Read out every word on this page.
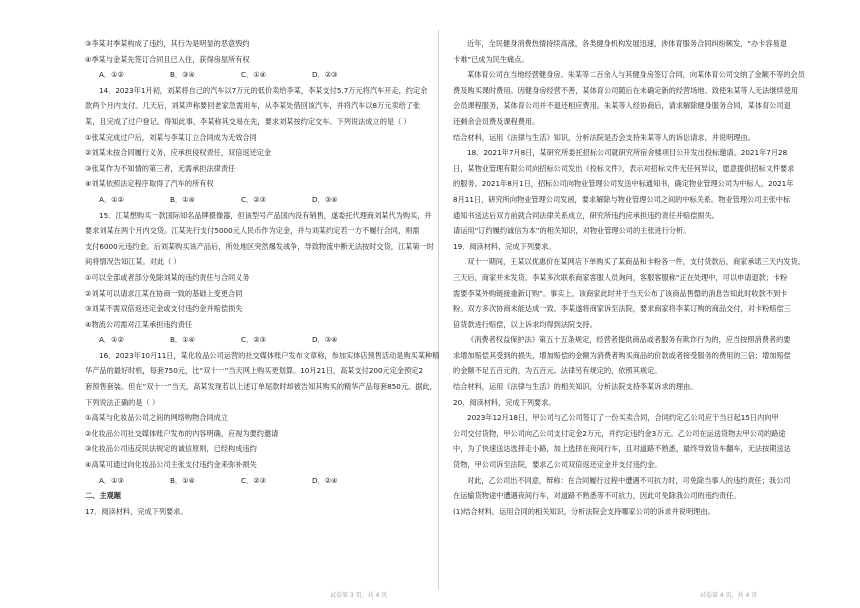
③李某对季某构成了违约，其行为是明显的恶意毁约
④季某与金某先签订合同且已入住，获得房屋所有权
A．①②	B．③④	C．①④	D．②③
14．2023年1月初，刘某将自己的汽车以7万元的低价卖给李某，李某支付5.7万元将汽车开走，约定余
款两个月内支付。几天后，刘某声称要回老家急需用车，从李某处借回该汽车，并将汽车以8万元卖给了张
某，且完成了过户登记。得知此事，李某称其交易在先，要求刘某按约定交车。下列说法成立的是（ ）
①张某完成过户后，刘某与李某订立合同成为无效合同
②刘某未按合同履行义务，应承担侵权责任，双倍返还定金
③张某作为不知情的第三者，无需承担法律责任
④刘某依照法定程序取得了汽车的所有权
A．①②	B．①④	C．②③	D．③④
15．江某想购买一款国际知名品牌摄像器，但该型号产品国内没有销售，遂委托代理商刘某代为购买，并
要求刘某在两个月内交货。江某先行支付5000元人民币作为定金，并与刘某约定若一方不履行合同，则需
支付6000元违约金。后刘某购买该产品后，所处地区突然爆发战争，导致物流中断无法按时交货，江某第一时
间将情况告知江某。对此（ ）
①可以全部或者部分免除刘某的违约责任与合同义务
②刘某可以请求江某在协商一致的基础上变更合同
③刘某不需双倍返还定金或支付违约金并赔偿损失
④物流公司需对江某承担违约责任
A．①②	B．①④	C．②③	D．③④
16．2023年10月11日，某化妆品公司运营的社交媒体账户发布文章称，参加实体店预售活动是购买某种精
华产品的最好时机，每套750元，比“双十一”当天网上购买更划算。10月21日，高某支付200元定金预定2
套预售套装。但在“双十一”当天，高某发现若以上述订单尾款时却被告知其购买的精华产品每套850元。据此，
下列说法正确的是（ ）
①高某与化妆品公司之间的网络购物合同成立
②化妆品公司社交媒体账户发布的内容明确，应视为要约邀请
③化妆品公司违反民法规定的诚信原则，已经构成违约
④高某可通过向化妆品公司主张支付违约金来弥补损失
A．①③	B．①④	C．②③	D．②④
二、主观题
17．阅读材料，完成下列要求。
近年，全民健身消费热情持续高涨，各类健身机构发展迅速，涉体育服务合同纠纷频发，“办卡容易退
卡难”已成为民生痛点。
某体育公司在当地经营健身房。朱某等二百余人与其健身房签订合同，向某体育公司交纳了金额不等的会员
费及购买课时费用。因健身房经营不善，某体育公司随后在未确定新的经营场地、致使朱某等人无法继续使用
会员课程服务，某体育公司并不退还相应费用。朱某等人经协商后，请求解除健身服务合同，某体育公司退
还剩余会员费及课程费用。
结合材料，运用《法律与生活》知识，分析法院是否会支持朱某等人的诉讼请求，并说明理由。
18．2021年7月8日，某研究所委托招标公司就研究所宿舍楼项目公开发出投标邀请。2021年7月28
日，某物业管理有限公司向招标公司发出《投标文件》，表示对招标文件无任何异议，愿意提供招标文件要求
的服务。2021年8月1日，招标公司向物业管理公司发送中标通知书，确定物业管理公司为中标人。2021年
8月11日，研究所向物业管理公司发函，要求解除与物业管理公司之间的中标关系。物业管理公司主张中标
通知书送达后双方前就合同法律关系成立，研究所违约应承担违约责任并赔偿损失。
请运用“订约履约诚信为本”的相关知识，对物业管理公司的主张进行分析。
19．阅读材料，完成下列要求。
双十一期间，王某以优惠价在某网店下单购买了某商品和卡粉各一件，支付货款后，商家承诺三天内发货。
三天后，商家并未发货。李某多次联系商家客服人员询问，客服客服称“正在处理中，可以申请退款；卡粉
需要李某外购链接重新订购”。事实上，该商家此时并于当天公布了该商品售罄的消息告知此时收款不到卡
粉。双方多次协商未能达成一致。李某遂将商家诉至法院，要求商家将李某订购的商品交付，对卡粉赔偿三
倍货款进行赔偿，以上诉求均得到法院支持。
《消费者权益保护法》第五十五条规定，经营者提供商品或者服务有欺诈行为的，应当按照消费者的要
求增加赔偿其受到的损失，增加赔偿的金额为消费者购买商品的价款或者接受服务的费用的三倍；增加赔偿
的金额不足五百元的，为五百元。法律另有规定的，依照其规定。
结合材料，运用《法律与生活》的相关知识，分析法院支持李某诉求的理由。
20．阅读材料，完成下列要求。
2023年12月18日，甲公司与乙公司签订了一份买卖合同，合同约定乙公司应于当日起15日内向甲
公司交付货物，甲公司向乙公司支付定金2万元，并约定违约金3万元。乙公司在运送货物去甲公司的路途
中，为了快速送达选择走小路，加上选择在夜间行车，且对道路不熟悉，最终导致货车翻车，无法按期送达
货物，甲公司诉至法院，要求乙公司双倍返还定金并支付违约金。
对此，乙公司出不同意，辩称：在合同履行过程中遭遇不可抗力时，可免除当事人的违约责任；我公司
在运输货物途中遭遇夜间行车，对道路不熟悉等不可抗力，因此可免除我公司的违约责任。
(1)结合材料，运用合同的相关知识，分析法院会支持哪家公司的诉求并说明理由。
试卷第 3 页，共 4 页	试卷第 4 页，共 4 页
